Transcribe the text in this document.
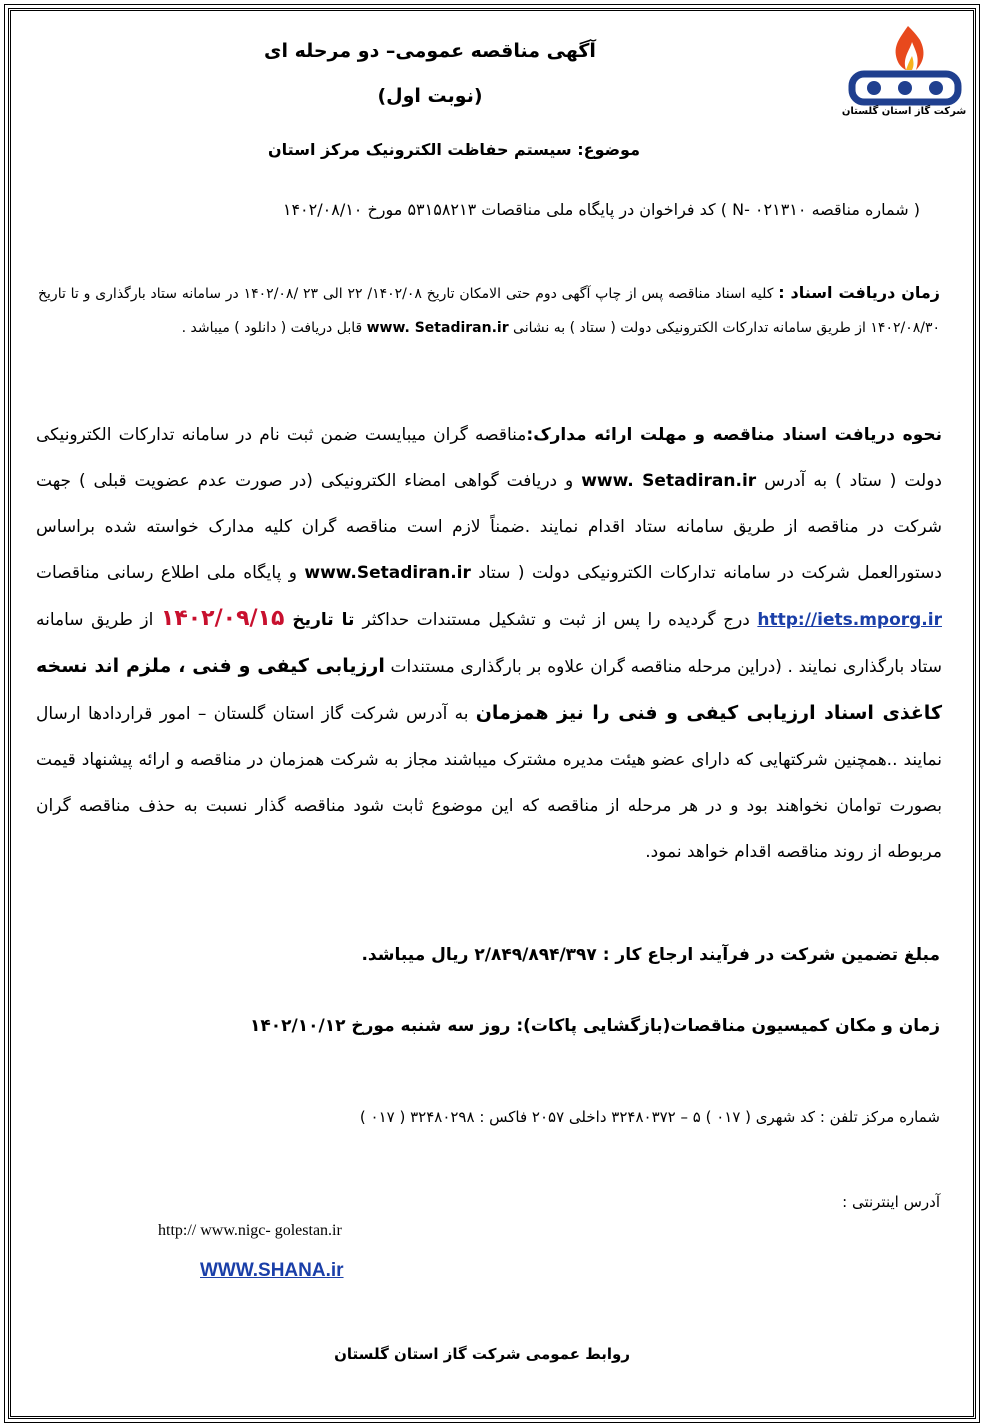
شرکت گاز استان گلستان
آگهی مناقصه عمومی– دو مرحله ای
(نوبت اول)
موضوع: سیستم حفاظت الکترونیک مرکز استان
( شماره مناقصه N- ۰۲۱۳۱۰ ) کد فراخوان در پایگاه ملی مناقصات ۵۳۱۵۸۲۱۳ مورخ ۱۴۰۲/۰۸/۱۰
زمان دریافت اسناد : کلیه اسناد مناقصه پس از چاپ آگهی دوم حتی الامکان تاریخ ۱۴۰۲/۰۸/ ۲۲ الی ۲۳ /۱۴۰۲/۰۸ در سامانه ستاد بارگذاری و تا تاریخ ۱۴۰۲/۰۸/۳۰ از طریق سامانه تدارکات الکترونیکی دولت ( ستاد ) به نشانی www. Setadiran.ir قابل دریافت ( دانلود ) میباشد .
نحوه دریافت اسناد مناقصه و مهلت ارائه مدارک:مناقصه گران میبایست ضمن ثبت نام در سامانه تدارکات الکترونیکی دولت ( ستاد ) به آدرس www. Setadiran.ir و دریافت گواهی امضاء الکترونیکی (در صورت عدم عضویت قبلی ) جهت شرکت در مناقصه از طریق سامانه ستاد اقدام نمایند .ضمناً لازم است مناقصه گران کلیه مدارک خواسته شده براساس دستورالعمل شرکت در سامانه تدارکات الکترونیکی دولت ( ستاد www.Setadiran.ir و پایگاه ملی اطلاع رسانی مناقصات http://iets.mporg.ir درج گردیده را پس از ثبت و تشکیل مستندات حداکثر تا تاریخ ۱۴۰۲/۰۹/۱۵ از طریق سامانه ستاد بارگذاری نمایند . (دراین مرحله مناقصه گران علاوه بر بارگذاری مستندات ارزیابی کیفی و فنی ، ملزم اند نسخه کاغذی اسناد ارزیابی کیفی و فنی را نیز همزمان به آدرس شرکت گاز استان گلستان – امور قراردادها ارسال نمایند ..همچنین شرکتهایی که دارای عضو هیئت مدیره مشترک میباشند مجاز به شرکت همزمان در مناقصه و ارائه پیشنهاد قیمت بصورت توامان نخواهند بود و در هر مرحله از مناقصه که این موضوع ثابت شود مناقصه گذار نسبت به حذف مناقصه گران مربوطه از روند مناقصه اقدام خواهد نمود.
مبلغ تضمین شرکت در فرآیند ارجاع کار : ۲/۸۴۹/۸۹۴/۳۹۷ ریال میباشد.
زمان و مکان کمیسیون مناقصات(بازگشایی پاکات): روز سه شنبه مورخ ۱۴۰۲/۱۰/۱۲
شماره مرکز تلفن : کد شهری ( ۰۱۷ ) ۵ – ۳۲۴۸۰۳۷۲ داخلی ۲۰۵۷ فاکس : ۳۲۴۸۰۲۹۸ ( ۰۱۷ )
آدرس اینترنتی :
http:// www.nigc- golestan.ir
WWW.SHANA.ir
روابط عمومی شرکت گاز استان گلستان
